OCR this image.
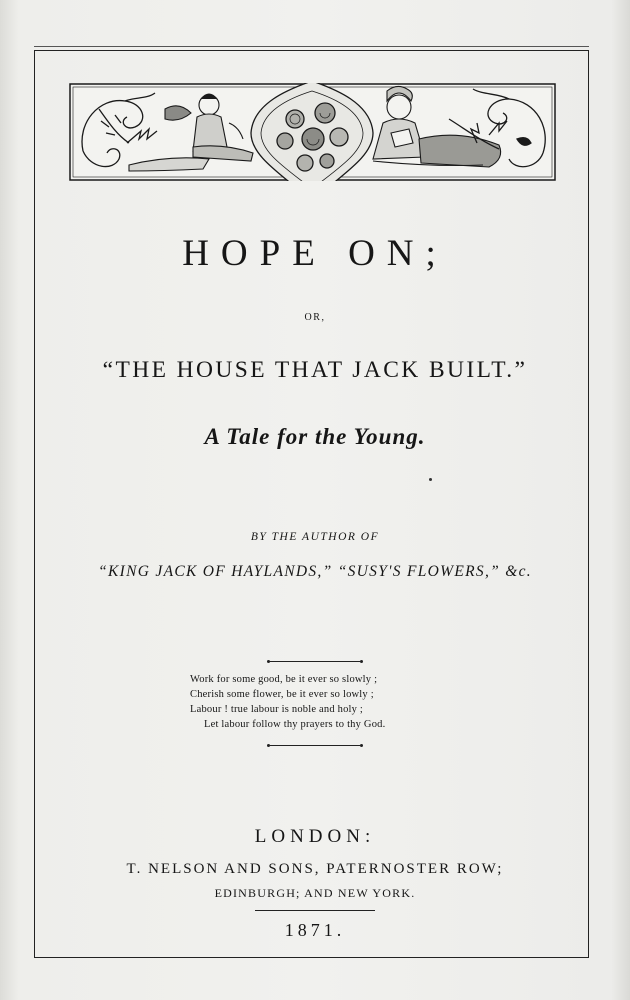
HOPE ON;
OR,
“THE HOUSE THAT JACK BUILT.”
A Tale for the Young.
BY THE AUTHOR OF
“KING JACK OF HAYLANDS,” “SUSY'S FLOWERS,” &c.
Work for some good, be it ever so slowly ;
Cherish some flower, be it ever so lowly ;
Labour ! true labour is noble and holy ;
Let labour follow thy prayers to thy God.
LONDON:
T. NELSON AND SONS, PATERNOSTER ROW;
EDINBURGH; AND NEW YORK.
1871.
